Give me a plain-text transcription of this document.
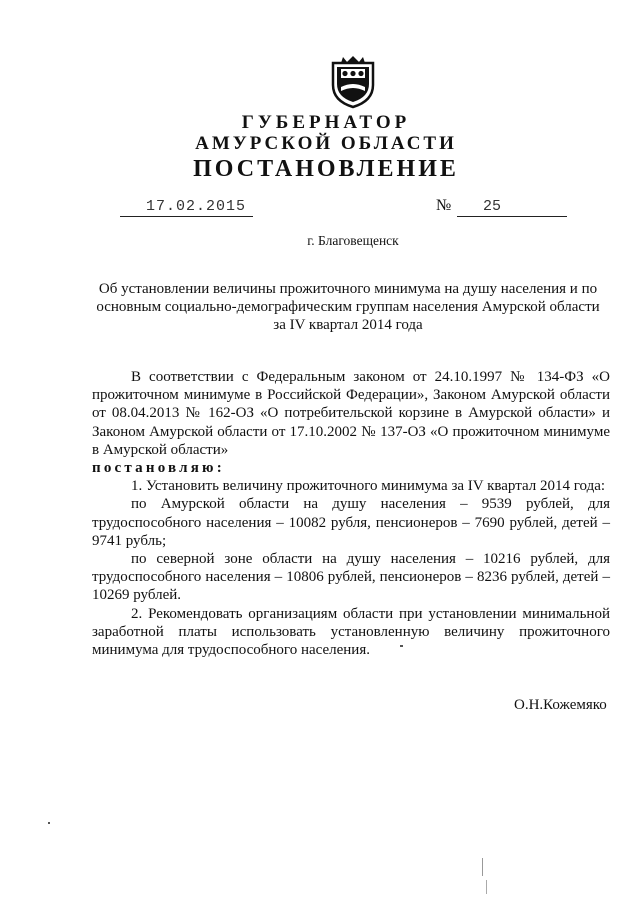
ГУБЕРНАТОР
АМУРСКОЙ ОБЛАСТИ
ПОСТАНОВЛЕНИЕ
17.02.2015	№ 25
г. Благовещенск
Об установлении величины прожиточного минимума на душу населения и по
основным социально-демографическим группам населения Амурской области
за IV квартал 2014 года

В соответствии с Федеральным законом от 24.10.1997 № 134-ФЗ «О прожиточном минимуме в Российской Федерации», Законом Амурской области от 08.04.2013 № 162-ОЗ «О потребительской корзине в Амурской области» и Законом Амурской области от 17.10.2002 № 137-ОЗ «О прожиточном минимуме в Амурской области»

постановляю:

1. Установить величину прожиточного минимума за IV квартал 2014 года:

по Амурской области на душу населения – 9539 рублей, для трудоспособного населения – 10082 рубля, пенсионеров – 7690 рублей, детей – 9741 рубль;

по северной зоне области на душу населения – 10216 рублей, для трудоспособного населения – 10806 рублей, пенсионеров – 8236 рублей, детей – 10269 рублей.

2. Рекомендовать организациям области при установлении минимальной заработной платы использовать установленную величину прожиточного минимума для трудоспособного населения.

О.Н.Кожемяко
